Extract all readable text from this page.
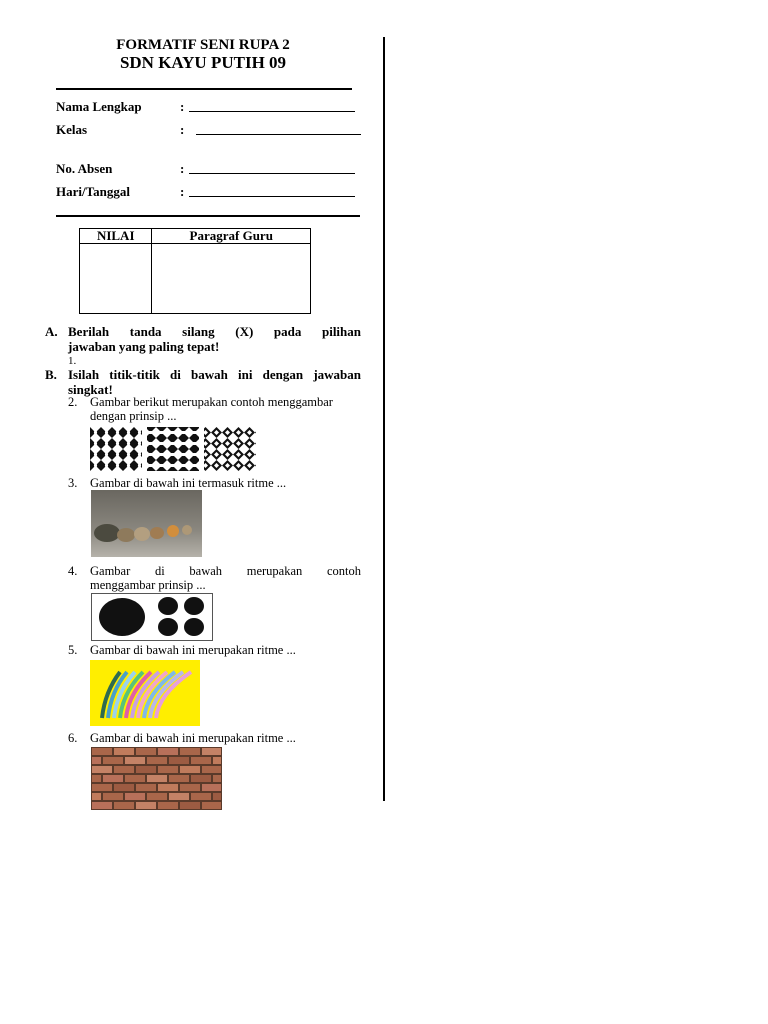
FORMATIF SENI RUPA 2
SDN KAYU PUTIH 09
Nama Lengkap	:
Kelas	:
No. Absen	:
Hari/Tanggal	:
NILAI	Paragraf Guru

A. Berilah tanda silang (X) pada pilihan
jawaban yang paling tepat!
1.
B. Isilah titik-titik di bawah ini dengan jawaban
singkat!
2. Gambar berikut merupakan contoh menggambar
dengan prinsip ...
3. Gambar di bawah ini termasuk ritme ...
4. Gambar di bawah merupakan contoh
menggambar prinsip ...
5. Gambar di bawah ini merupakan ritme ...
6. Gambar di bawah ini merupakan ritme ...
